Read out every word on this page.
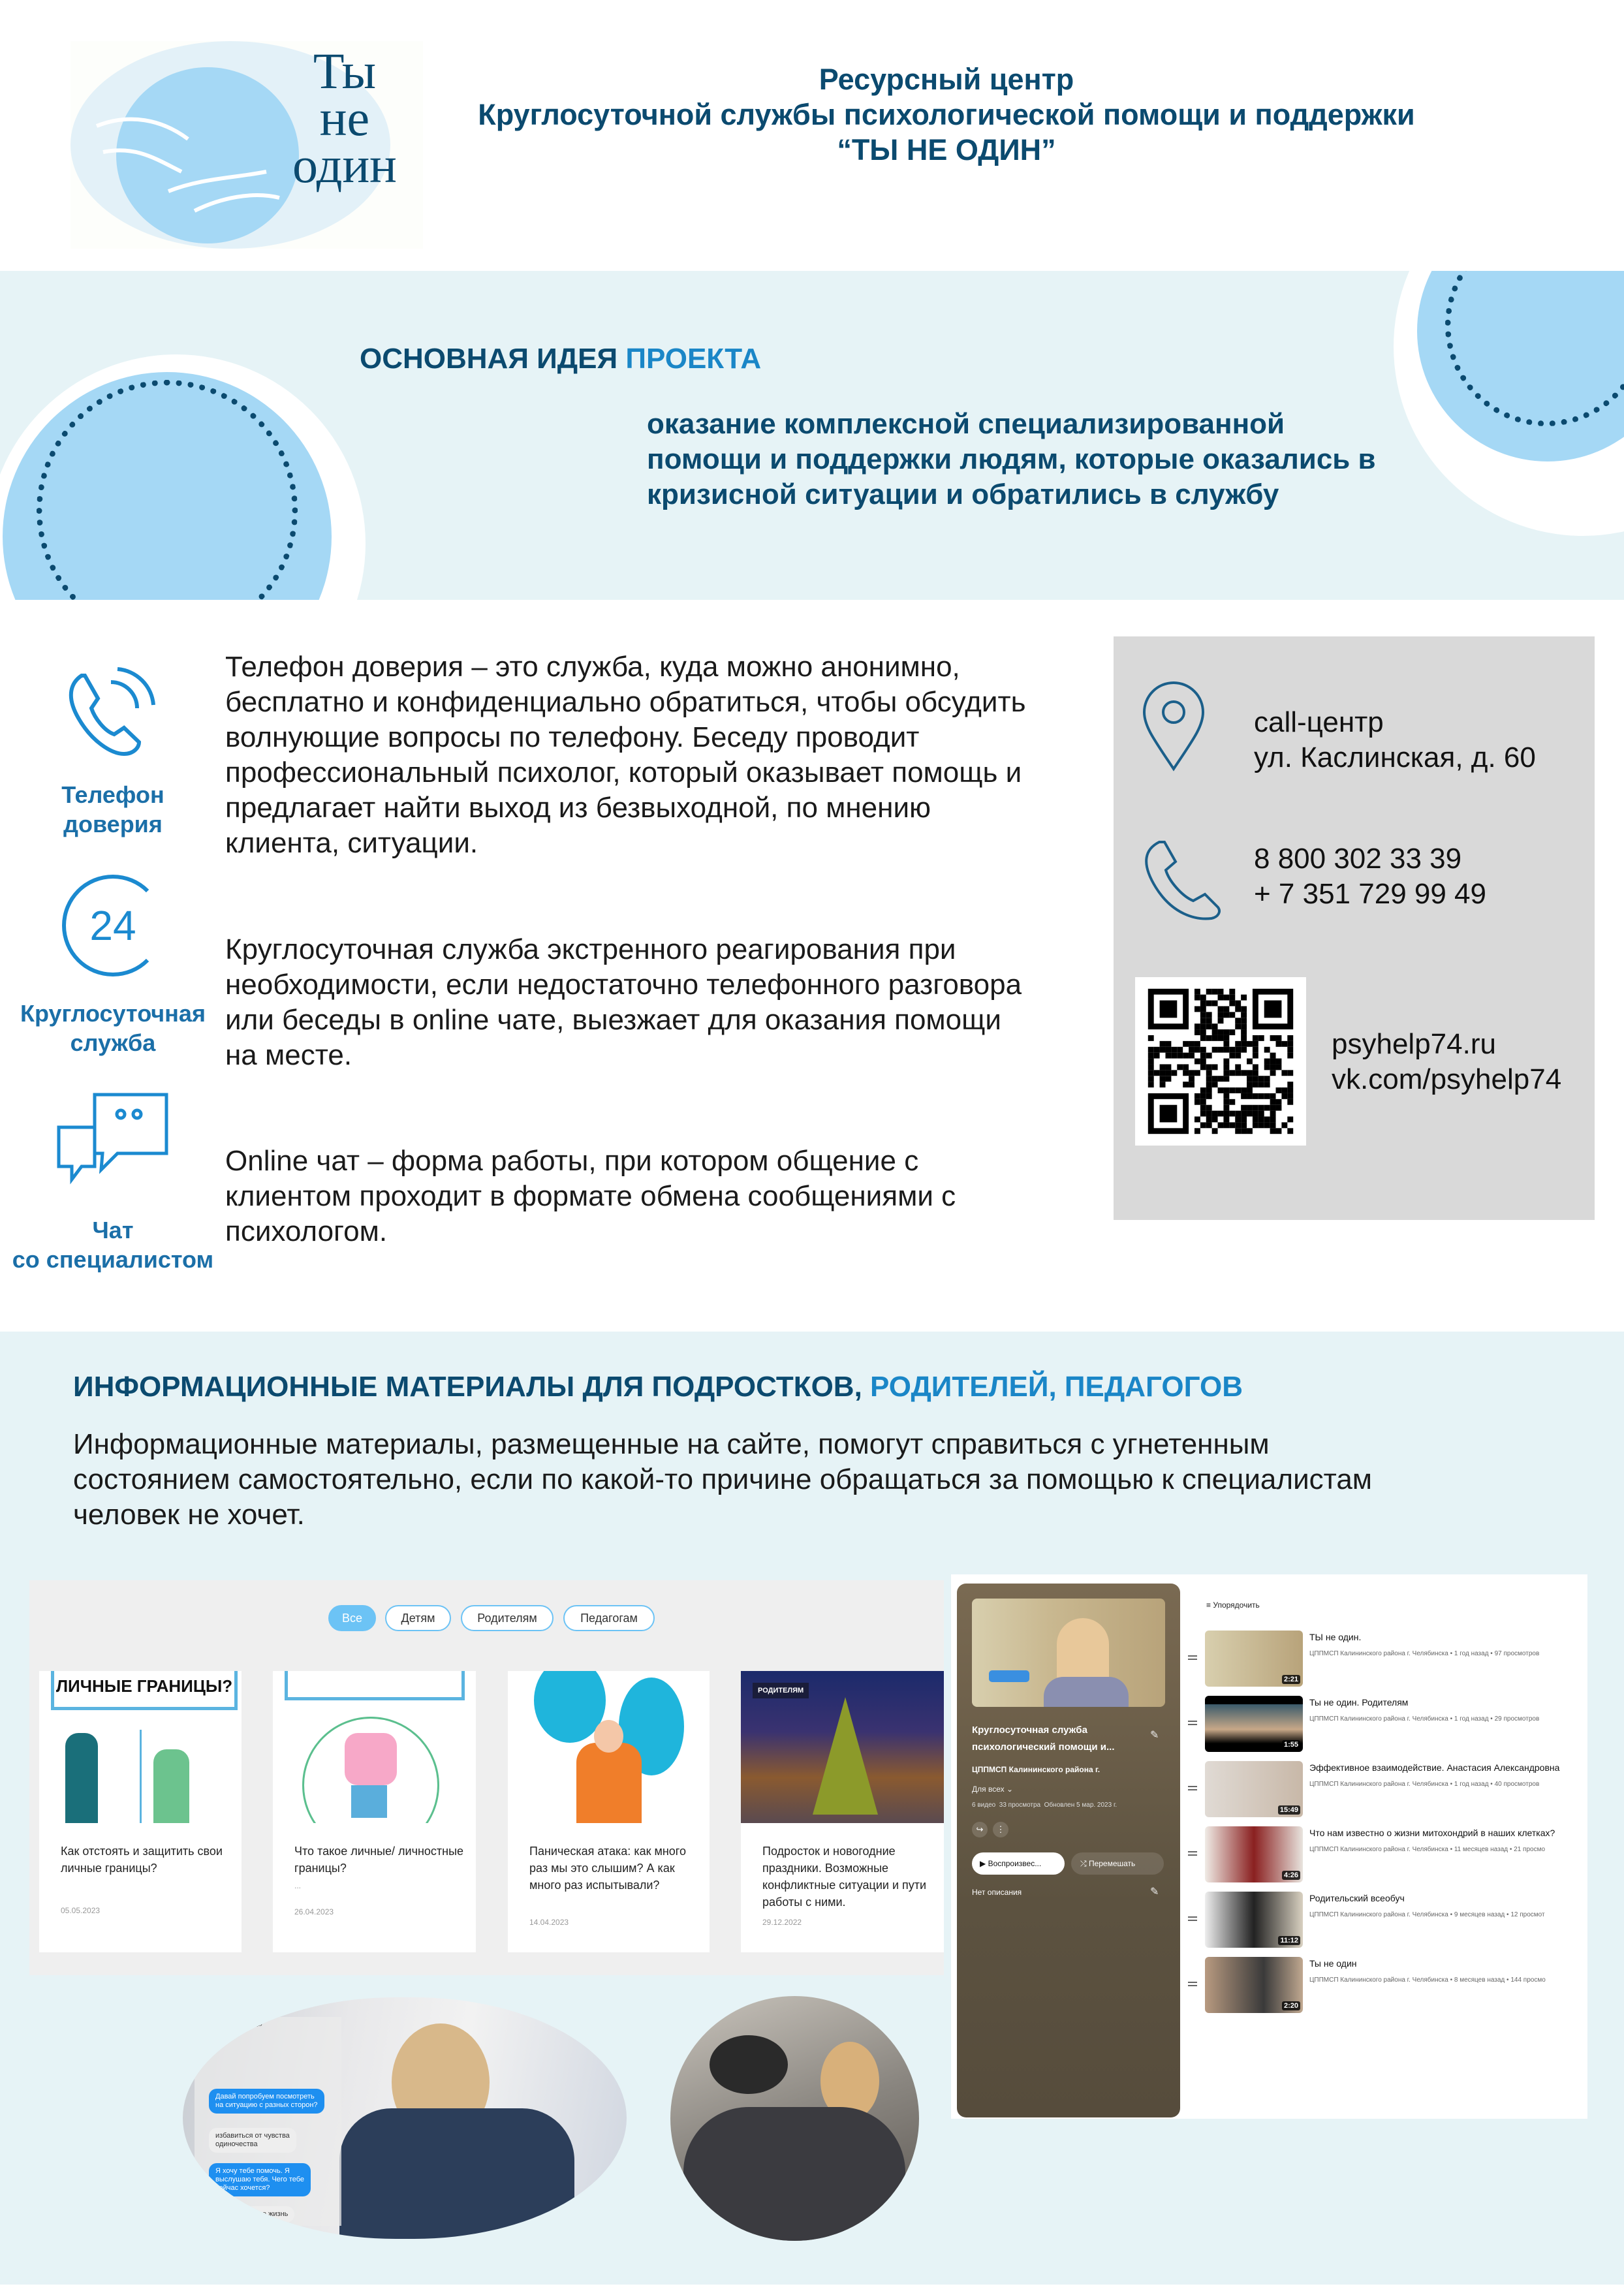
Ты
не
один
Ресурсный центр
Круглосуточной службы психологической помощи и поддержки
“ТЫ НЕ ОДИН”
ОСНОВНАЯ ИДЕЯ ПРОЕКТА
оказание комплексной специализированной
помощи и поддержки людям, которые оказались в
кризисной ситуации и обратились в службу
Телефон
доверия
24
Круглосуточная
служба
Чат
со специалистом
Телефон доверия – это служба, куда можно анонимно,
бесплатно и конфиденциально обратиться, чтобы обсудить
волнующие вопросы по телефону. Беседу проводит
профессиональный психолог, который оказывает помощь и
предлагает найти выход из безвыходной, по мнению
клиента, ситуации.
Круглосуточная служба экстренного реагирования при
необходимости, если недостаточно телефонного разговора
или беседы в online чате, выезжает для оказания помощи
на месте.
Online чат – форма работы, при котором общение с
клиентом проходит в формате обмена сообщениями с
психологом.
call-центр
ул. Каслинская, д. 60
8 800 302 33 39
+ 7 351 729 99 49
psyhelp74.ru
vk.com/psyhelp74
ИНФОРМАЦИОННЫЕ МАТЕРИАЛЫ ДЛЯ ПОДРОСТКОВ, РОДИТЕЛЕЙ, ПЕДАГОГОВ
Информационные материалы, размещенные на сайте, помогут справиться с угнетенным
состоянием самостоятельно, если по какой-то причине обращаться за помощью к специалистам
человек не хочет.
Все	Детям	Родителям	Педагогам
ЛИЧНЫЕ ГРАНИЦЫ?
Как отстоять и защитить свои личные границы?
05.05.2023
Что такое личные/ личностные границы?
...
26.04.2023
Паническая атака: как много раз мы это слышим? А как много раз испытывали?
14.04.2023
РОДИТЕЛЯМ
Подросток и новогодние праздники. Возможные конфликтные ситуации и пути работы с ними.
29.12.2022
Круглосуточная служба психологический помощи и...
✎
ЦППМСП Калининского района г.
Для всех ⌄
6 видео  33 просмотра  Обновлен 5 мар. 2023 г.
↪	⋮
▶ Воспроизвес...	⤮ Перемешать
Нет описания	✎
≡ Упорядочить
2:21
ТЫ не один.
ЦППМСП Калининского района г. Челябинска • 1 год назад • 97 просмотров
1:55
Ты не один. Родителям
ЦППМСП Калининского района г. Челябинска • 1 год назад • 29 просмотров
15:49
Эффективное взаимодействие. Анастасия Александровна
ЦППМСП Калининского района г. Челябинска • 1 год назад • 40 просмотров
4:26
Что нам известно о жизни митохондрий в наших клетках?
ЦППМСП Калининского района г. Челябинска • 11 месяцев назад • 21 просмо
11:12
Родительский всеобуч
ЦППМСП Калининского района г. Челябинска • 9 месяцев назад • 12 просмот
2:20
Ты не один
ЦППМСП Калининского района г. Челябинска • 8 месяцев назад • 144 просмо
«ТЫ НЕ ОДИН»
Давай попробуем посмотреть
на ситуацию с разных сторон?
избавиться от чувства
одиночества
Я хочу тебе помочь. Я
выслушаю тебя. Чего тебе
сейчас хочется?
ненавижу свою жизнь
